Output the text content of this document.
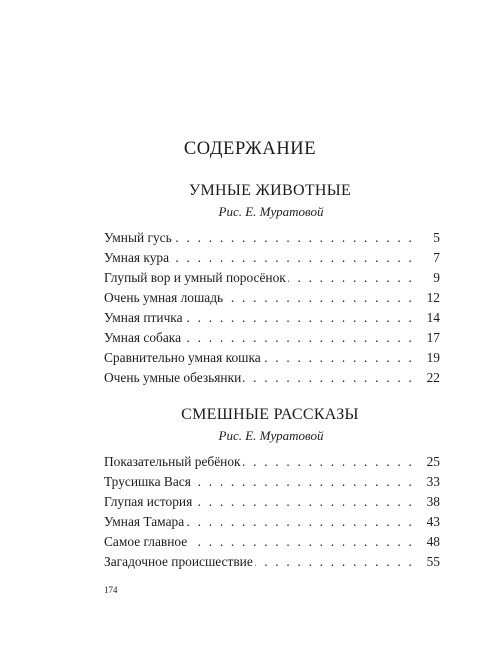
СОДЕРЖАНИЕ
УМНЫЕ ЖИВОТНЫЕ

Рис. Е. Муратовой

Умный гусь . . .	5
Умная кура . . .	7
Глупый вор и умный поросёнок . . .	9
Очень умная лошадь . . .	12
Умная птичка . . .	14
Умная собака . . .	17
Сравнительно умная кошка . . .	19
Очень умные обезьянки . . .	22
СМЕШНЫЕ РАССКАЗЫ

Рис. Е. Муратовой

Показательный ребёнок . . .	25
Трусишка Вася . . .	33
Глупая история . . .	38
Умная Тамара . . .	43
Самое главное . . .	48
Загадочное происшествие . . .	55

174
